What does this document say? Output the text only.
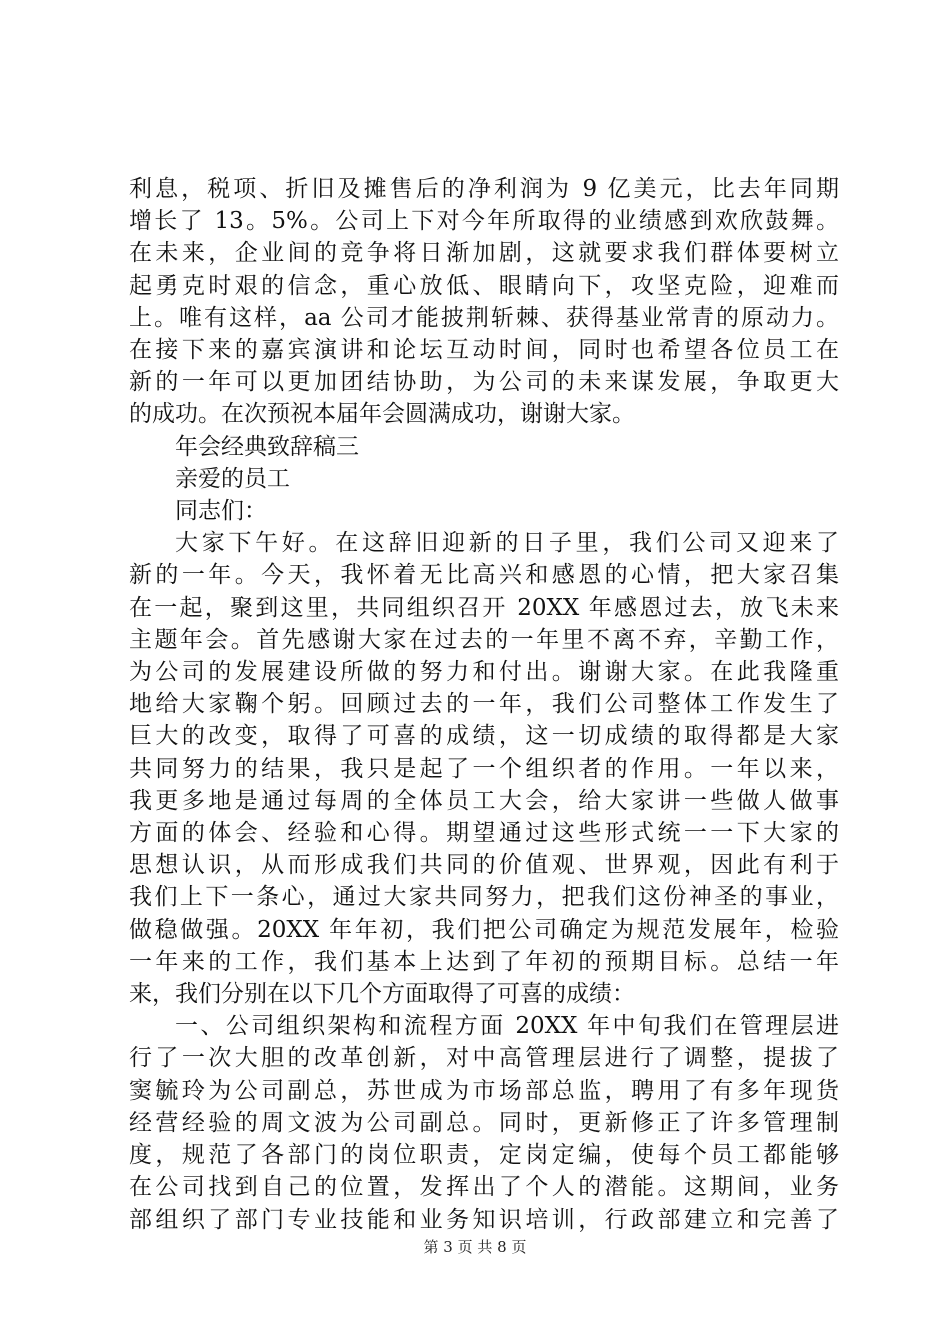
利息，税项、折旧及摊售后的净利润为 9 亿美元，比去年同期
增长了 13。5%。公司上下对今年所取得的业绩感到欢欣鼓舞。
在未来，企业间的竞争将日渐加剧，这就要求我们群体要树立
起勇克时艰的信念，重心放低、眼睛向下，攻坚克险，迎难而
上。唯有这样，aa 公司才能披荆斩棘、获得基业常青的原动力。
在接下来的嘉宾演讲和论坛互动时间，同时也希望各位员工在
新的一年可以更加团结协助，为公司的未来谋发展，争取更大
的成功。在次预祝本届年会圆满成功，谢谢大家。

年会经典致辞稿三

亲爱的员工

同志们：

大家下午好。在这辞旧迎新的日子里，我们公司又迎来了
新的一年。今天，我怀着无比高兴和感恩的心情，把大家召集
在一起，聚到这里，共同组织召开 20XX 年感恩过去，放飞未来
主题年会。首先感谢大家在过去的一年里不离不弃，辛勤工作，
为公司的发展建设所做的努力和付出。谢谢大家。在此我隆重
地给大家鞠个躬。回顾过去的一年，我们公司整体工作发生了
巨大的改变，取得了可喜的成绩，这一切成绩的取得都是大家
共同努力的结果，我只是起了一个组织者的作用。一年以来，
我更多地是通过每周的全体员工大会，给大家讲一些做人做事
方面的体会、经验和心得。期望通过这些形式统一一下大家的
思想认识，从而形成我们共同的价值观、世界观，因此有利于
我们上下一条心，通过大家共同努力，把我们这份神圣的事业，
做稳做强。20XX 年年初，我们把公司确定为规范发展年，检验
一年来的工作，我们基本上达到了年初的预期目标。总结一年
来，我们分别在以下几个方面取得了可喜的成绩：

一、公司组织架构和流程方面 20XX 年中旬我们在管理层进
行了一次大胆的改革创新，对中高管理层进行了调整，提拔了
窦毓玲为公司副总，苏世成为市场部总监，聘用了有多年现货
经营经验的周文波为公司副总。同时，更新修正了许多管理制
度，规范了各部门的岗位职责，定岗定编，使每个员工都能够
在公司找到自己的位置，发挥出了个人的潜能。这期间，业务
部组织了部门专业技能和业务知识培训，行政部建立和完善了

第 3 页 共 8 页
